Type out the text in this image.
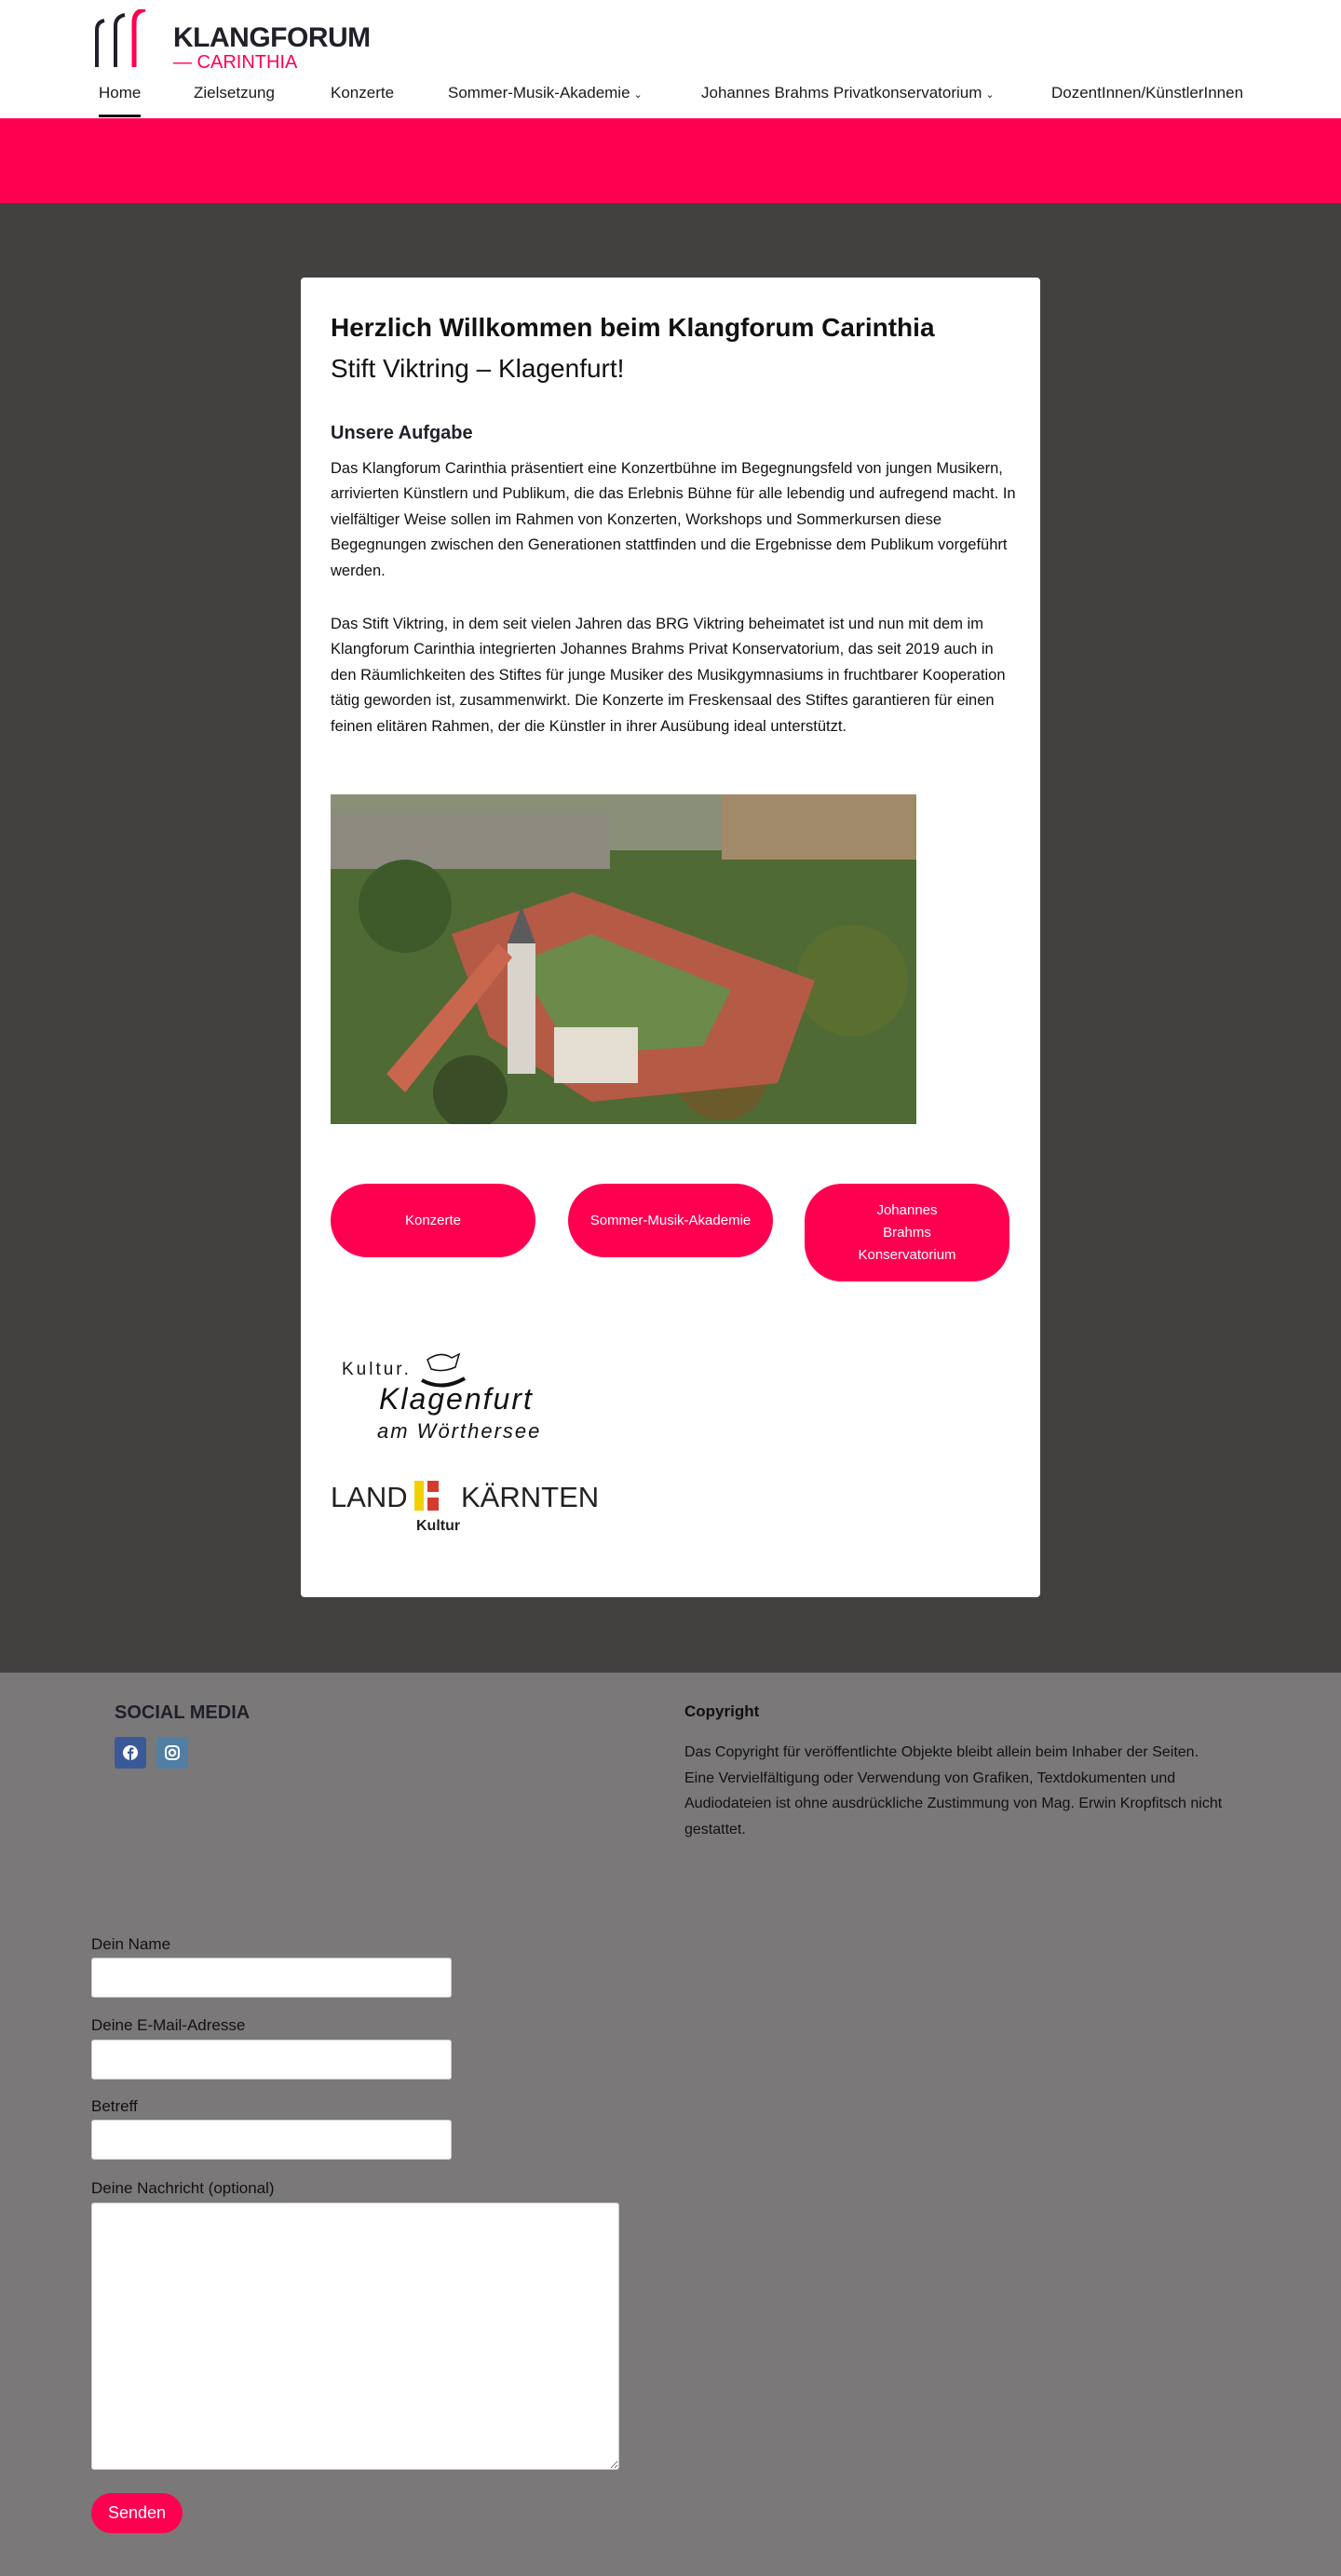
KLANGFORUM
— CARINTHIA
Home	Zielsetzung	Konzerte	Sommer-Musik-Akademie ⌄	Johannes Brahms Privatkonservatorium ⌄	DozentInnen/KünstlerInnen
Herzlich Willkommen beim Klangforum Carinthia
Stift Viktring – Klagenfurt!
Unsere Aufgabe

Das Klangforum Carinthia präsentiert eine Konzertbühne im Begegnungsfeld von jungen Musikern, arrivierten Künstlern und Publikum, die das Erlebnis Bühne für alle lebendig und aufregend macht. In vielfältiger Weise sollen im Rahmen von Konzerten, Workshops und Sommerkursen diese Begegnungen zwischen den Generationen stattfinden und die Ergebnisse dem Publikum vorgeführt werden.

Das Stift Viktring, in dem seit vielen Jahren das BRG Viktring beheimatet ist und nun mit dem im Klangforum Carinthia integrierten Johannes Brahms Privat Konservatorium, das seit 2019 auch in den Räumlichkeiten des Stiftes für junge Musiker des Musikgymnasiums in fruchtbarer Kooperation tätig geworden ist, zusammenwirkt. Die Konzerte im Freskensaal des Stiftes garantieren für einen feinen elitären Rahmen, der die Künstler in ihrer Ausübung ideal unterstützt.

Konzerte	Sommer-Musik-Akademie
Johannes Brahms Konservatorium
Kultur.
Klagenfurt
am Wörthersee
LAND KÄRNTEN
Kultur
SOCIAL MEDIA	Copyright

Das Copyright für veröffentlichte Objekte bleibt allein beim Inhaber der Seiten. Eine Vervielfältigung oder Verwendung von Grafiken, Textdokumenten und Audiodateien ist ohne ausdrückliche Zustimmung von Mag. Erwin Kropfitsch nicht gestattet.

Dein Name
Deine E-Mail-Adresse
Betreff
Deine Nachricht (optional)
Senden
